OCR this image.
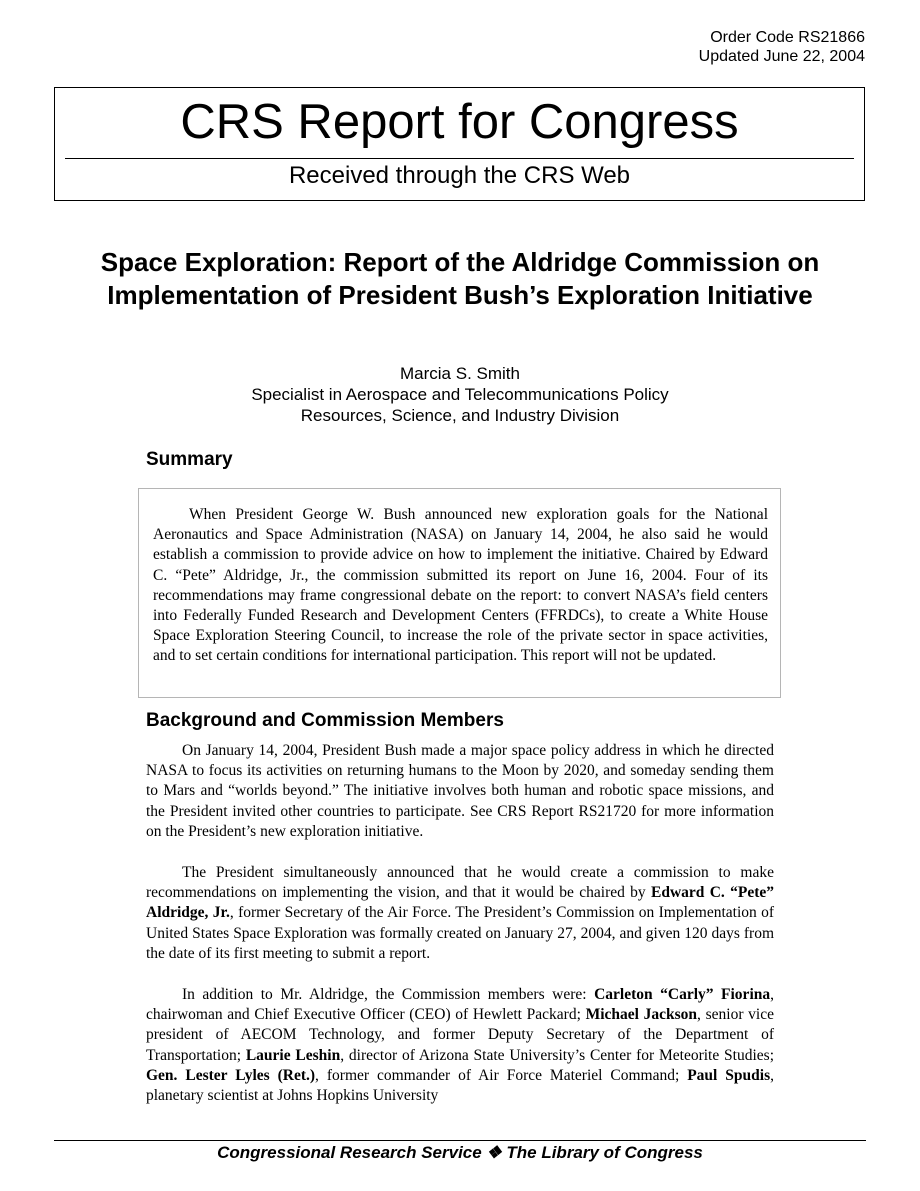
Order Code RS21866
Updated June 22, 2004
CRS Report for Congress
Received through the CRS Web
Space Exploration: Report of the Aldridge Commission on Implementation of President Bush’s Exploration Initiative
Marcia S. Smith
Specialist in Aerospace and Telecommunications Policy
Resources, Science, and Industry Division
Summary

When President George W. Bush announced new exploration goals for the National Aeronautics and Space Administration (NASA) on January 14, 2004, he also said he would establish a commission to provide advice on how to implement the initiative. Chaired by Edward C. “Pete” Aldridge, Jr., the commission submitted its report on June 16, 2004. Four of its recommendations may frame congressional debate on the report: to convert NASA’s field centers into Federally Funded Research and Development Centers (FFRDCs), to create a White House Space Exploration Steering Council, to increase the role of the private sector in space activities, and to set certain conditions for international participation. This report will not be updated.

Background and Commission Members

On January 14, 2004, President Bush made a major space policy address in which he directed NASA to focus its activities on returning humans to the Moon by 2020, and someday sending them to Mars and “worlds beyond.” The initiative involves both human and robotic space missions, and the President invited other countries to participate. See CRS Report RS21720 for more information on the President’s new exploration initiative.

The President simultaneously announced that he would create a commission to make recommendations on implementing the vision, and that it would be chaired by Edward C. “Pete” Aldridge, Jr., former Secretary of the Air Force. The President’s Commission on Implementation of United States Space Exploration was formally created on January 27, 2004, and given 120 days from the date of its first meeting to submit a report.

In addition to Mr. Aldridge, the Commission members were: Carleton “Carly” Fiorina, chairwoman and Chief Executive Officer (CEO) of Hewlett Packard; Michael Jackson, senior vice president of AECOM Technology, and former Deputy Secretary of the Department of Transportation; Laurie Leshin, director of Arizona State University’s Center for Meteorite Studies; Gen. Lester Lyles (Ret.), former commander of Air Force Materiel Command; Paul Spudis, planetary scientist at Johns Hopkins University

Congressional Research Service ❖ The Library of Congress
